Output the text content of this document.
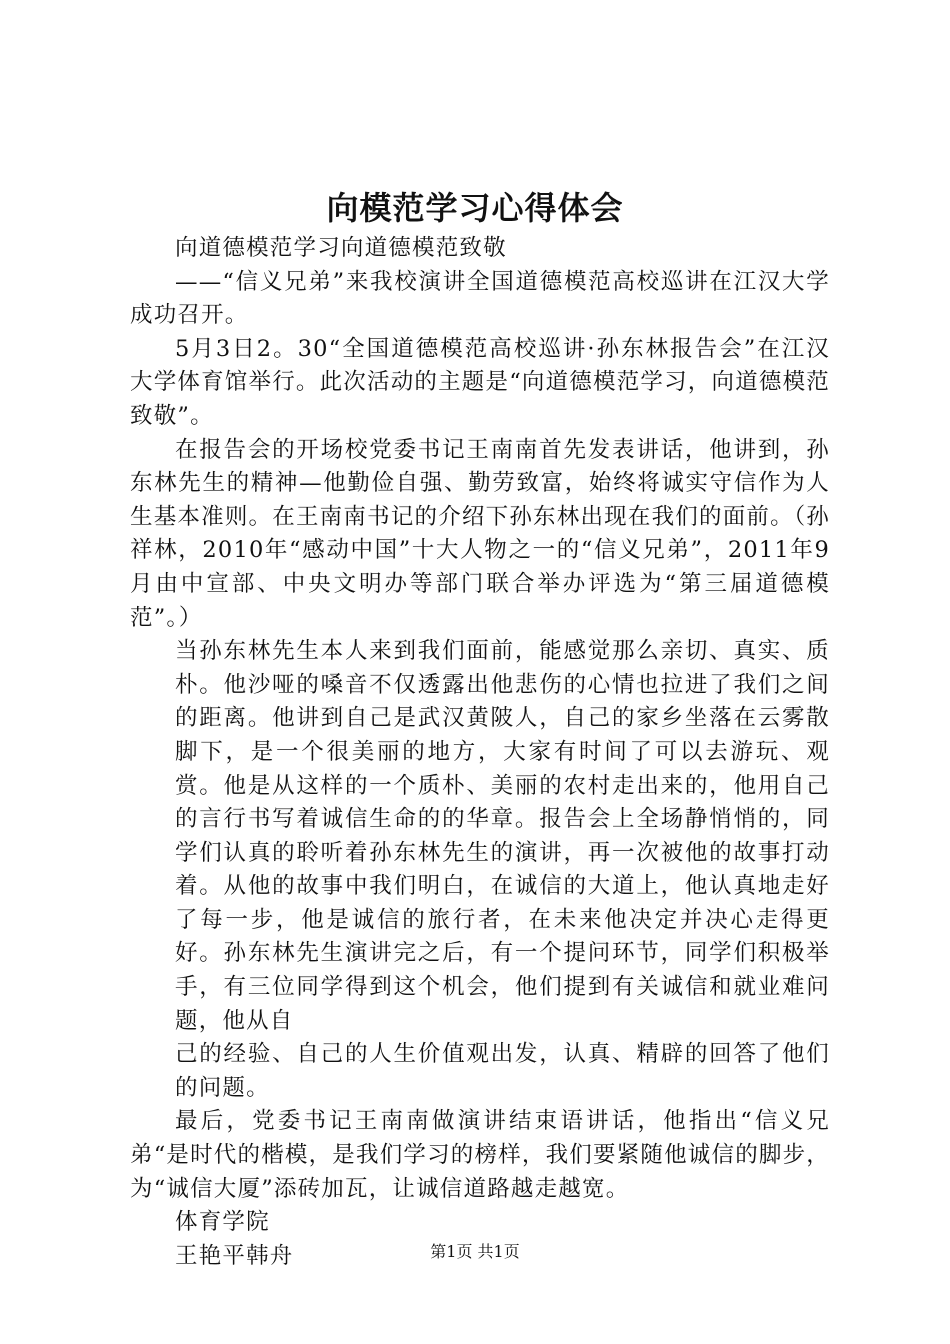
向模范学习心得体会

向道德模范学习向道德模范致敬

——“信义兄弟”来我校演讲全国道德模范高校巡讲在江汉大学成功召开。

5月3日2。30“全国道德模范高校巡讲·孙东林报告会”在江汉大学体育馆举行。此次活动的主题是“向道德模范学习，向道德模范致敬”。

在报告会的开场校党委书记王南南首先发表讲话，他讲到，孙东林先生的精神—他勤俭自强、勤劳致富，始终将诚实守信作为人生基本准则。在王南南书记的介绍下孙东林出现在我们的面前。（孙祥林，2010年“感动中国”十大人物之一的“信义兄弟”，2011年9月由中宣部、中央文明办等部门联合举办评选为“第三届道德模范”。）

当孙东林先生本人来到我们面前，能感觉那么亲切、真实、质朴。他沙哑的嗓音不仅透露出他悲伤的心情也拉进了我们之间的距离。他讲到自己是武汉黄陂人，自己的家乡坐落在云雾散脚下，是一个很美丽的地方，大家有时间了可以去游玩、观赏。他是从这样的一个质朴、美丽的农村走出来的，他用自己的言行书写着诚信生命的的华章。报告会上全场静悄悄的，同学们认真的聆听着孙东林先生的演讲，再一次被他的故事打动着。从他的故事中我们明白，在诚信的大道上，他认真地走好了每一步，他是诚信的旅行者，在未来他决定并决心走得更好。孙东林先生演讲完之后，有一个提问环节，同学们积极举手，有三位同学得到这个机会，他们提到有关诚信和就业难问题，他从自

己的经验、自己的人生价值观出发，认真、精辟的回答了他们的问题。

最后，党委书记王南南做演讲结束语讲话，他指出“信义兄弟“是时代的楷模，是我们学习的榜样，我们要紧随他诚信的脚步，为“诚信大厦”添砖加瓦，让诚信道路越走越宽。

体育学院

王艳平韩舟	第1页 共1页
